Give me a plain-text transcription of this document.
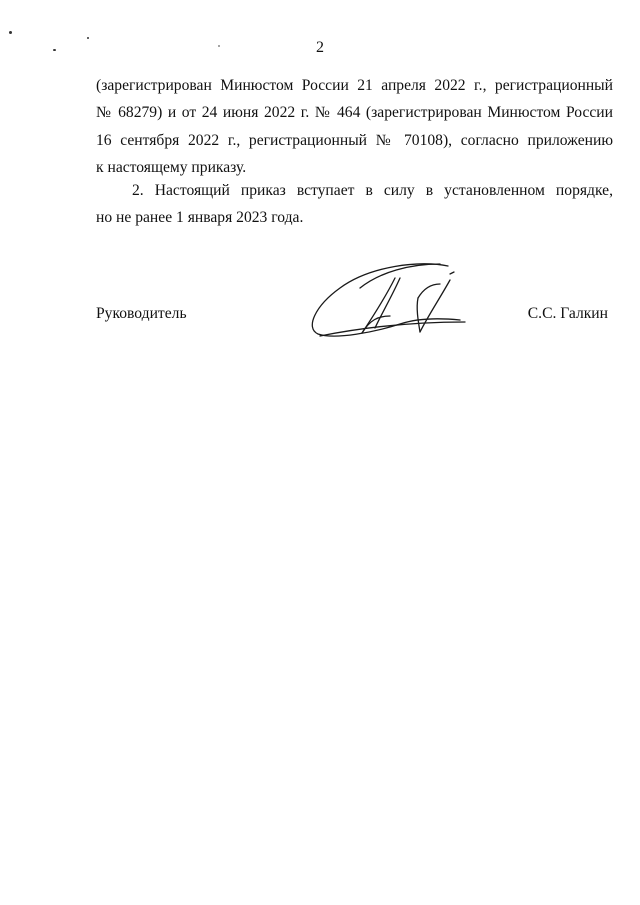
2
(зарегистрирован Минюстом России 21 апреля 2022 г., регистрационный
№ 68279) и от 24 июня 2022 г. № 464 (зарегистрирован Минюстом России
16 сентября 2022 г., регистрационный № 70108), согласно приложению
к настоящему приказу.
2. Настоящий приказ вступает в силу в установленном порядке,
но не ранее 1 января 2023 года.
Руководитель	С.С. Галкин
